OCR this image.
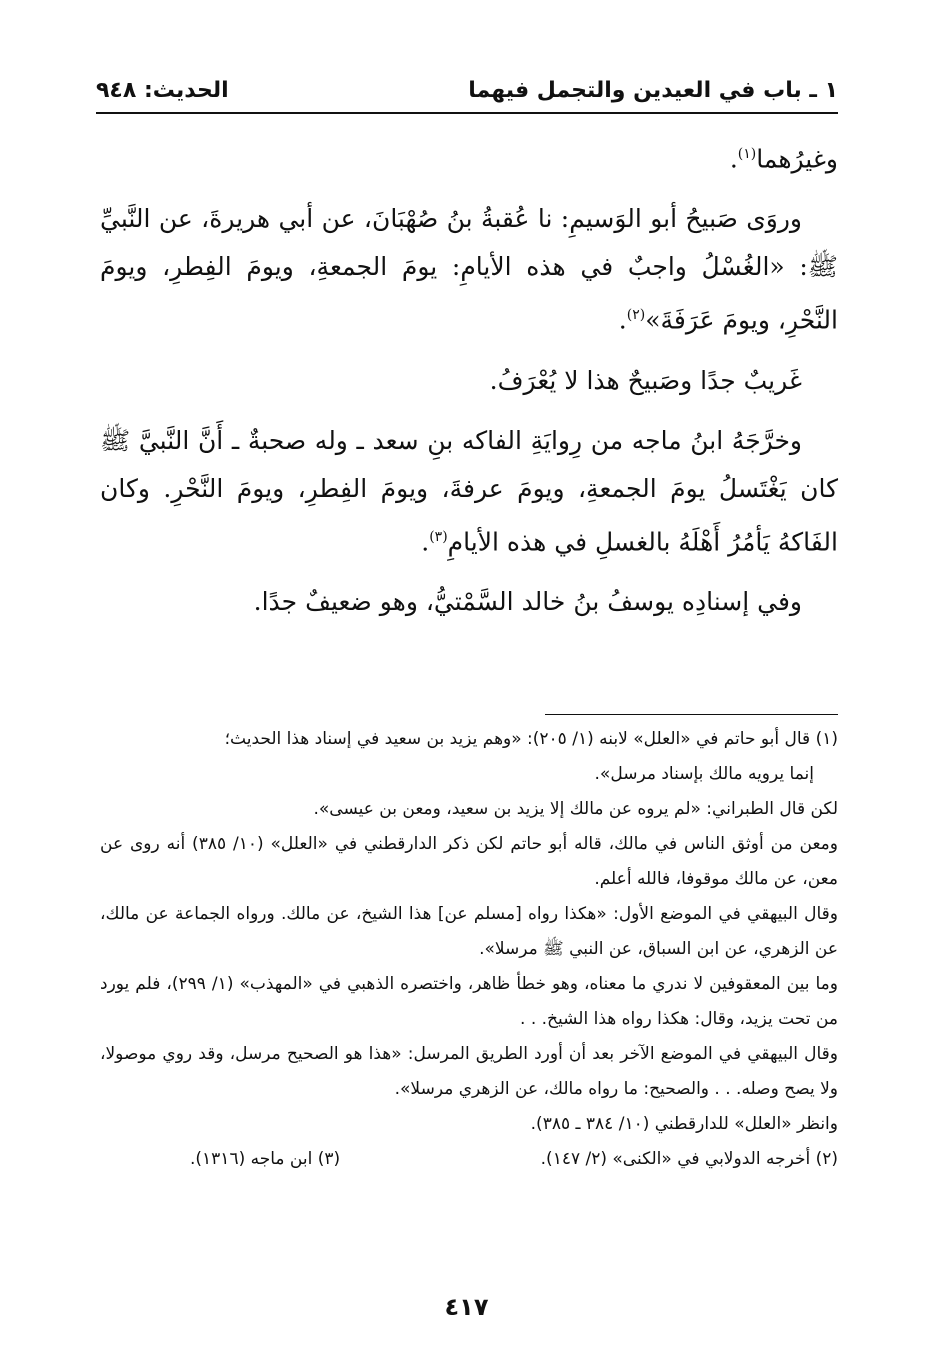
١ ـ باب في العيدين والتجمل فيهما
الحديث: ٩٤٨

وغيرُهما$^{(١)}$.

وروَى صَبيحُ أبو الوَسيمِ: نا عُقبةُ بنُ صُهْبَانَ، عن أبي هريرةَ، عن النَّبيِّ ﷺ: «الغُسْلُ واجبٌ في هذه الأيامِ: يومَ الجمعةِ، ويومَ الفِطرِ، ويومَ النَّحْرِ، ويومَ عَرَفَةَ»$^{(٢)}$.

غَريبٌ جدًا وصَبيحٌ هذا لا يُعْرَفُ.

وخرَّجَهُ ابنُ ماجه من رِوايَةِ الفاكه بنِ سعد ـ وله صحبةٌ ـ أَنَّ النَّبيَّ ﷺ كان يَغْتَسلُ يومَ الجمعةِ، ويومَ عرفةَ، ويومَ الفِطرِ، ويومَ النَّحْرِ. وكان الفَاكهُ يَأمُرُ أَهْلَهُ بالغسلِ في هذه الأيامِ$^{(٣)}$.

وفي إسنادِه يوسفُ بنُ خالد السَّمْتيُّ، وهو ضعيفٌ جدًا.

(١) قال أبو حاتم في «العلل» لابنه (١/ ٢٠٥): «وهم يزيد بن سعيد في إسناد هذا الحديث؛

إنما يرويه مالك بإسناد مرسل».

لكن قال الطبراني: «لم يروه عن مالك إلا يزيد بن سعيد، ومعن بن عيسى».

ومعن من أوثق الناس في مالك، قاله أبو حاتم لكن ذكر الدارقطني في «العلل» (١٠/ ٣٨٥) أنه روى عن معن، عن مالك موقوفا، فالله أعلم.

وقال البيهقي في الموضع الأول: «هكذا رواه [مسلم عن] هذا الشيخ، عن مالك. ورواه الجماعة عن مالك، عن الزهري، عن ابن السباق، عن النبي ﷺ مرسلا».

وما بين المعقوفين لا ندري ما معناه، وهو خطأ ظاهر، واختصره الذهبي في «المهذب» (١/ ٢٩٩)، فلم يورد من تحت يزيد، وقال: هكذا رواه هذا الشيخ. . .

وقال البيهقي في الموضع الآخر بعد أن أورد الطريق المرسل: «هذا هو الصحيح مرسل، وقد روي موصولا، ولا يصح وصله. . . والصحيح: ما رواه مالك، عن الزهري مرسلا».

وانظر «العلل» للدارقطني (١٠/ ٣٨٤ ـ ٣٨٥).

(٢) أخرجه الدولابي في «الكنى» (٢/ ١٤٧).
(٣) ابن ماجه (١٣١٦).
٤١٧
